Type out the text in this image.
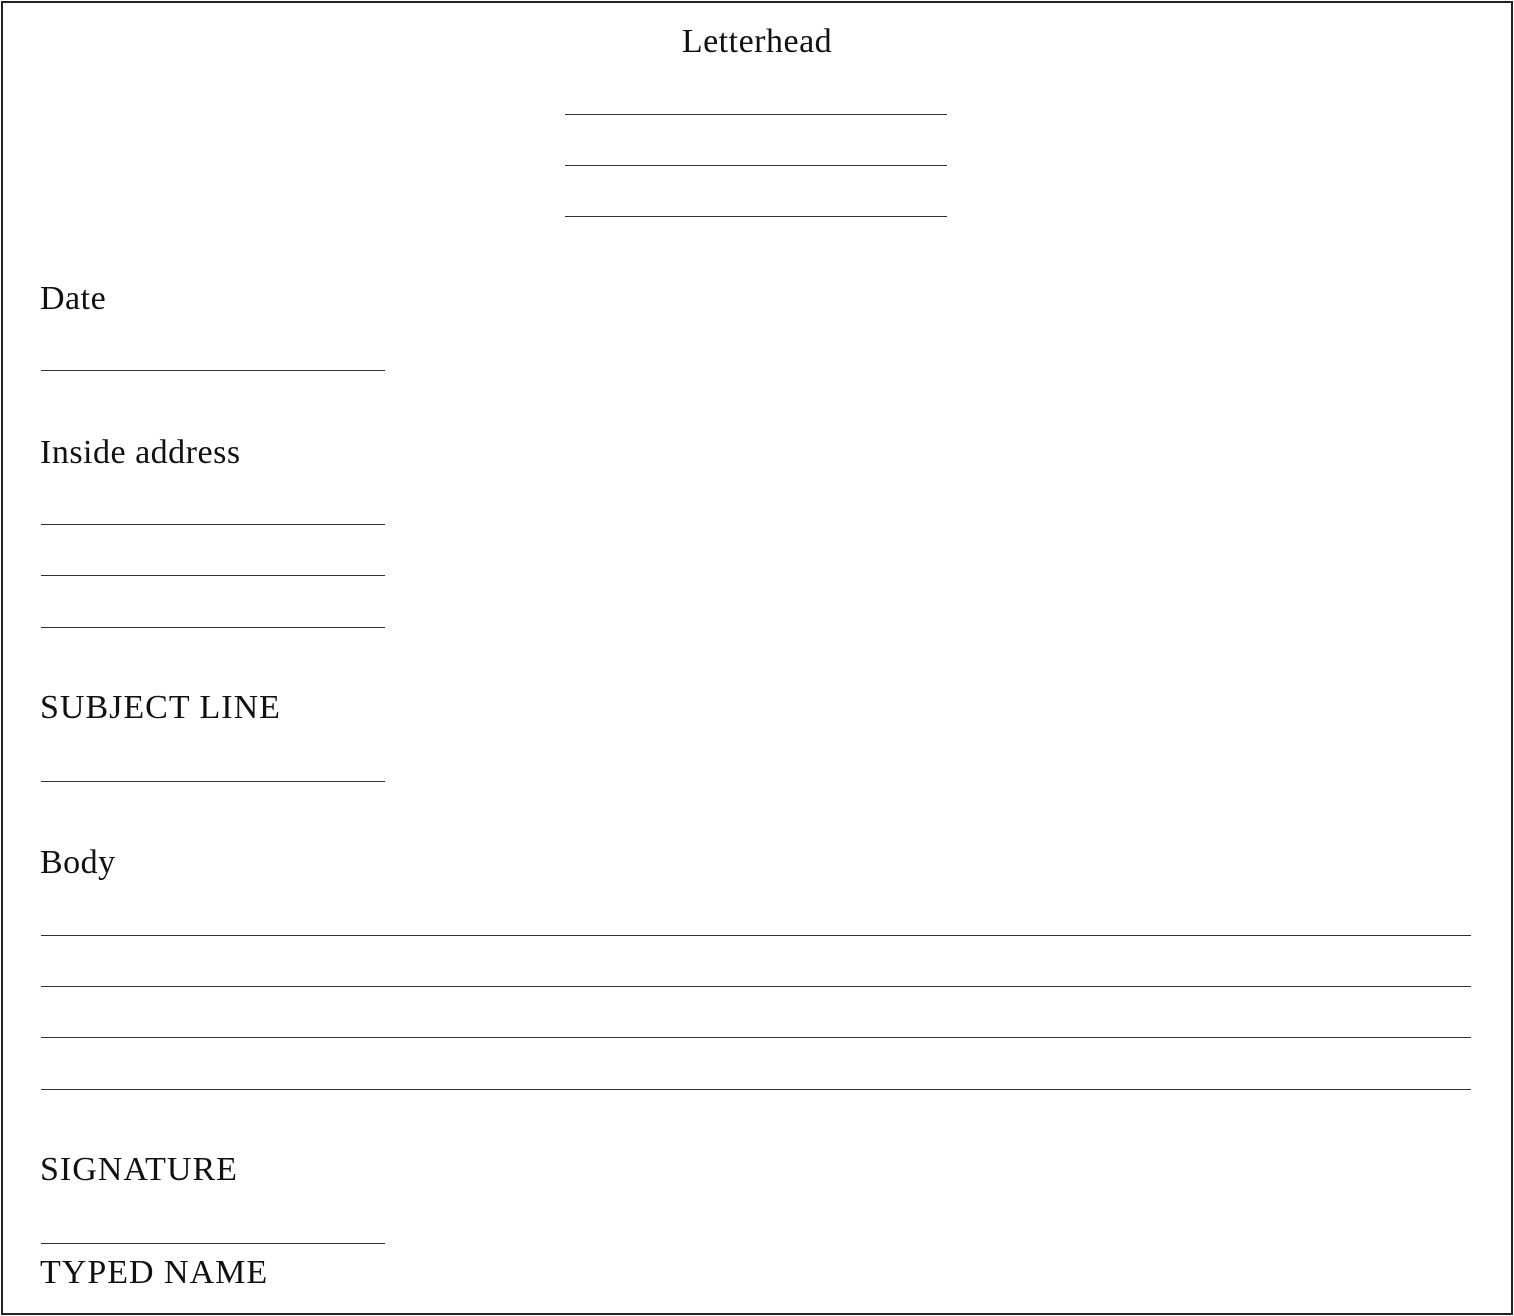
Letterhead
Date
Inside address
SUBJECT LINE
Body
SIGNATURE
TYPED NAME
